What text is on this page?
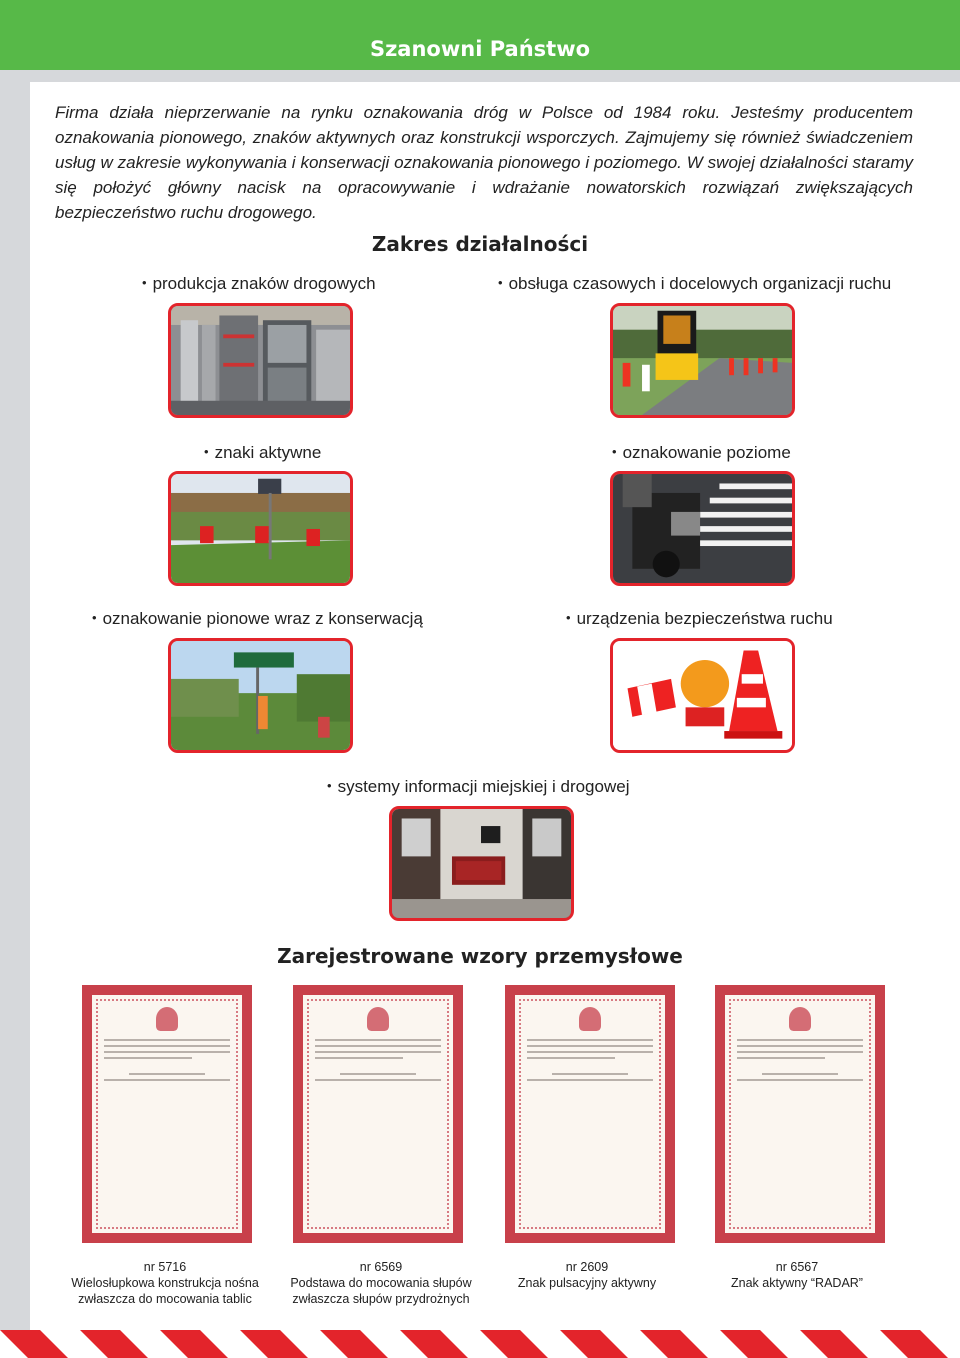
Szanowni Państwo

Firma działa nieprzerwanie na rynku oznakowania dróg w Polsce od 1984 roku. Jesteśmy producentem oznakowania pionowego, znaków aktywnych oraz konstrukcji wsporczych. Zajmujemy się również świadczeniem usług w zakresie wykonywania i konserwacji oznakowania pionowego i poziomego. W swojej działalności staramy się położyć główny nacisk na opracowywanie i wdrażanie nowatorskich rozwiązań zwiększających bezpieczeństwo ruchu drogowego.

Zakres działalności
• produkcja znaków drogowych	• obsługa czasowych i docelowych organizacji ruchu
• znaki aktywne	• oznakowanie poziome
• oznakowanie pionowe wraz z konserwacją	• urządzenia bezpieczeństwa ruchu
• systemy informacji miejskiej i drogowej
Zarejestrowane wzory przemysłowe
nr 5716
Wielosłupkowa konstrukcja nośna
zwłaszcza do mocowania tablic
nr 6569
Podstawa do mocowania słupów
zwłaszcza słupów przydrożnych
nr 2609
Znak pulsacyjny aktywny
nr 6567
Znak aktywny “RADAR”
